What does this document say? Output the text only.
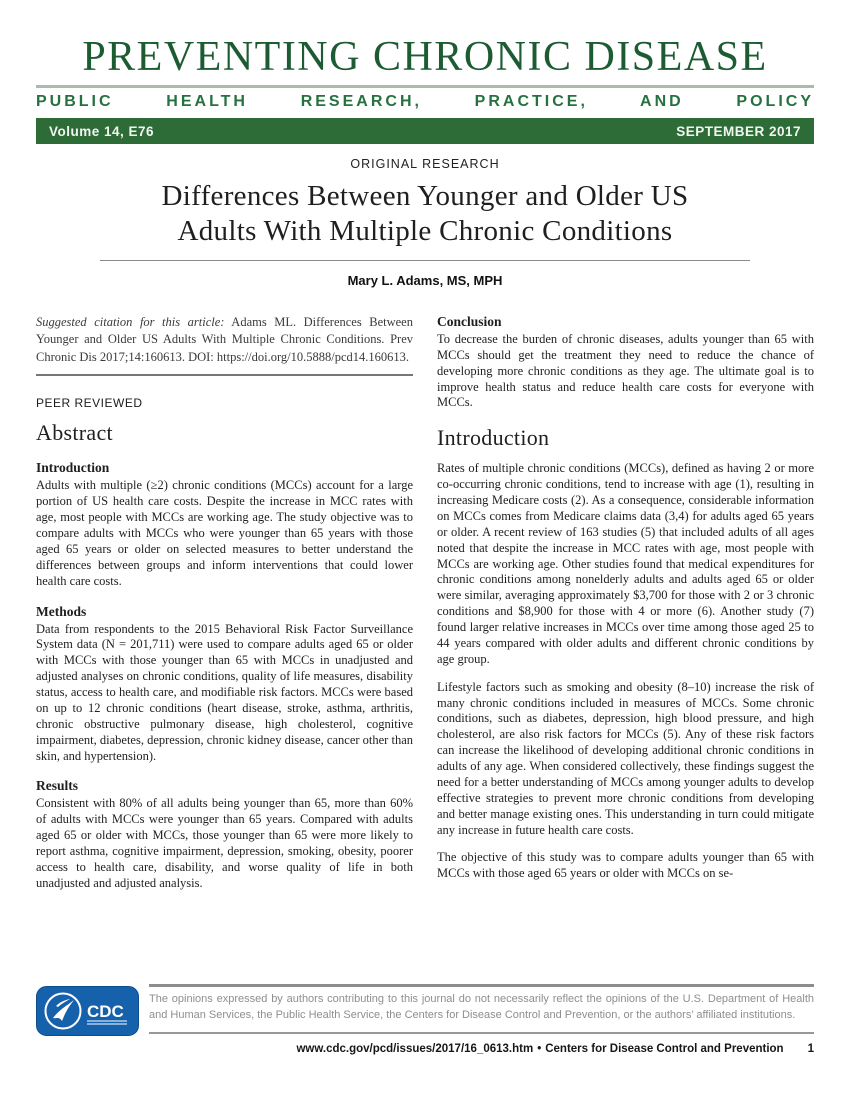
PREVENTING CHRONIC DISEASE
PUBLIC HEALTH RESEARCH, PRACTICE, AND POLICY
Volume 14, E76	SEPTEMBER 2017
ORIGINAL RESEARCH
Differences Between Younger and Older US Adults With Multiple Chronic Conditions
Mary L. Adams, MS, MPH

Suggested citation for this article: Adams ML. Differences Between Younger and Older US Adults With Multiple Chronic Conditions. Prev Chronic Dis 2017;14:160613. DOI: https://doi.org/10.5888/pcd14.160613.

PEER REVIEWED
Abstract
Introduction

Adults with multiple (≥2) chronic conditions (MCCs) account for a large portion of US health care costs. Despite the increase in MCC rates with age, most people with MCCs are working age. The study objective was to compare adults with MCCs who were younger than 65 years with those aged 65 years or older on selected measures to better understand the differences between groups and inform interventions that could lower health care costs.

Methods

Data from respondents to the 2015 Behavioral Risk Factor Surveillance System data (N = 201,711) were used to compare adults aged 65 or older with MCCs with those younger than 65 with MCCs in unadjusted and adjusted analyses on chronic conditions, quality of life measures, disability status, access to health care, and modifiable risk factors. MCCs were based on up to 12 chronic conditions (heart disease, stroke, asthma, arthritis, chronic obstructive pulmonary disease, high cholesterol, cognitive impairment, diabetes, depression, chronic kidney disease, cancer other than skin, and hypertension).

Results

Consistent with 80% of all adults being younger than 65, more than 60% of adults with MCCs were younger than 65 years. Compared with adults aged 65 or older with MCCs, those younger than 65 were more likely to report asthma, cognitive impairment, depression, smoking, obesity, poorer access to health care, disability, and worse quality of life in both unadjusted and adjusted analysis.

Conclusion

To decrease the burden of chronic diseases, adults younger than 65 with MCCs should get the treatment they need to reduce the chance of developing more chronic conditions as they age. The ultimate goal is to improve health status and reduce health care costs for everyone with MCCs.

Introduction

Rates of multiple chronic conditions (MCCs), defined as having 2 or more co-occurring chronic conditions, tend to increase with age (1), resulting in increasing Medicare costs (2). As a consequence, considerable information on MCCs comes from Medicare claims data (3,4) for adults aged 65 years or older. A recent review of 163 studies (5) that included adults of all ages noted that despite the increase in MCC rates with age, most people with MCCs are working age. Other studies found that medical expenditures for chronic conditions among nonelderly adults and adults aged 65 or older were similar, averaging approximately $3,700 for those with 2 or 3 chronic conditions and $8,900 for those with 4 or more (6). Another study (7) found larger relative increases in MCCs over time among those aged 25 to 44 years compared with older adults and different chronic conditions by age group.

Lifestyle factors such as smoking and obesity (8–10) increase the risk of many chronic conditions included in measures of MCCs. Some chronic conditions, such as diabetes, depression, high blood pressure, and high cholesterol, are also risk factors for MCCs (5). Any of these risk factors can increase the likelihood of developing additional chronic conditions in adults of any age. When considered collectively, these findings suggest the need for a better understanding of MCCs among younger adults to develop effective strategies to prevent more chronic conditions from developing and better manage existing ones. This understanding in turn could mitigate any increase in future health care costs.

The objective of this study was to compare adults younger than 65 with MCCs with those aged 65 years or older with MCCs on se-

CDC
The opinions expressed by authors contributing to this journal do not necessarily reflect the opinions of the U.S. Department of Health and Human Services, the Public Health Service, the Centers for Disease Control and Prevention, or the authors’ affiliated institutions.
www.cdc.gov/pcd/issues/2017/16_0613.htm • Centers for Disease Control and Prevention 1
